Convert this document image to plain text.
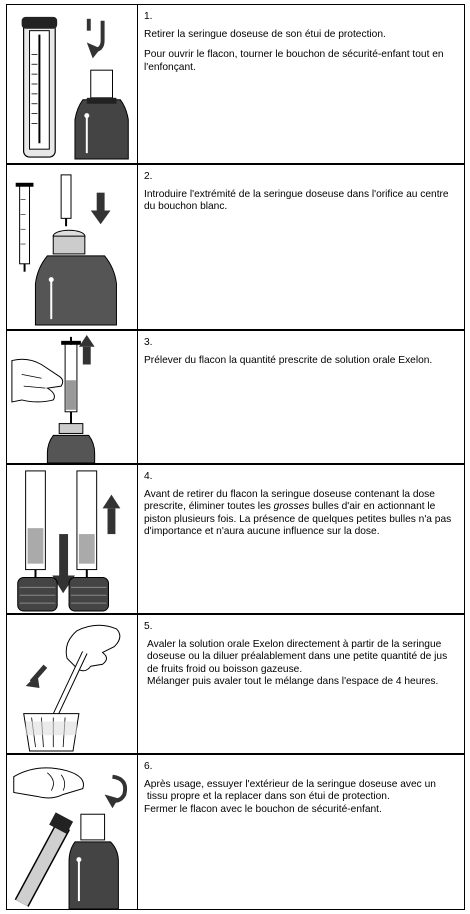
1.
Retirer la seringue doseuse de son étui de protection.
Pour ouvrir le flacon, tourner le bouchon de sécurité-enfant tout en l'enfonçant.
2.
Introduire l'extrémité de la seringue doseuse dans l'orifice au centre du bouchon blanc.
3.
Prélever du flacon la quantité prescrite de solution orale Exelon.
4.
Avant de retirer du flacon la seringue doseuse contenant la dose prescrite, éliminer toutes les grosses bulles d'air en actionnant le piston plusieurs fois. La présence de quelques petites bulles n'a pas d'importance et n'aura aucune influence sur la dose.
5.
Avaler la solution orale Exelon directement à partir de la seringue doseuse ou la diluer préalablement dans une petite quantité de jus de fruits froid ou boisson gazeuse.
Mélanger puis avaler tout le mélange dans l'espace de 4 heures.
6.
Après usage, essuyer l'extérieur de la seringue doseuse avec un
tissu propre et la replacer dans son étui de protection.
Fermer le flacon avec le bouchon de sécurité-enfant.
